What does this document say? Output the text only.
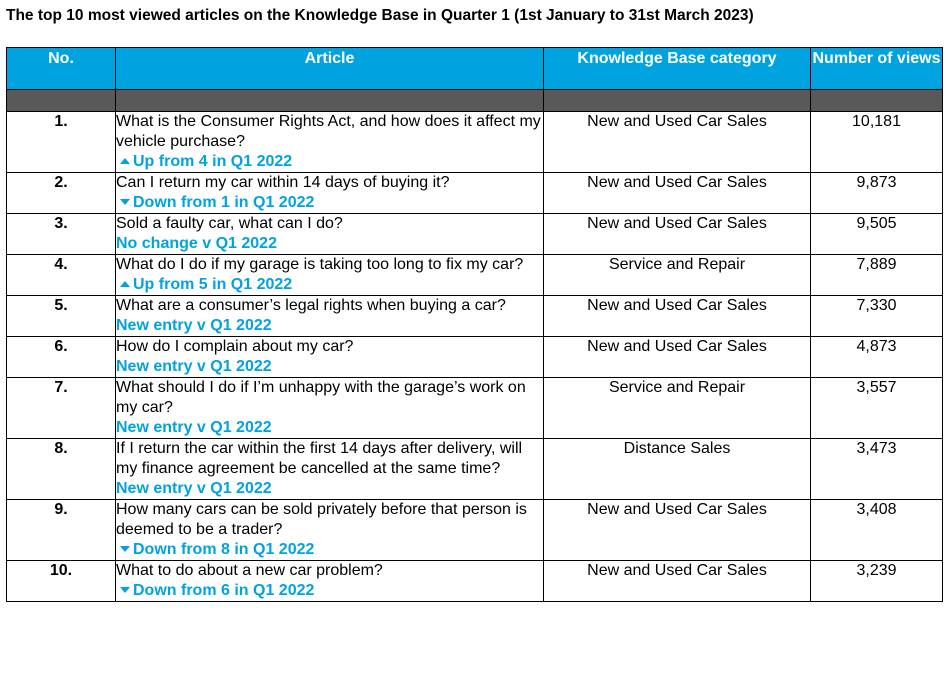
The top 10 most viewed articles on the Knowledge Base in Quarter 1 (1st January to 31st March 2023)
No.	Article	Knowledge Base category	Number of views

1.	What is the Consumer Rights Act, and how does it affect my vehicle purchase?
Up from 4 in Q1 2022	New and Used Car Sales	10,181
2.	Can I return my car within 14 days of buying it?
Down from 1 in Q1 2022	New and Used Car Sales	9,873
3.	Sold a faulty car, what can I do?
No change v Q1 2022	New and Used Car Sales	9,505
4.	What do I do if my garage is taking too long to fix my car?
Up from 5 in Q1 2022	Service and Repair	7,889
5.	What are a consumer’s legal rights when buying a car?
New entry v Q1 2022	New and Used Car Sales	7,330
6.	How do I complain about my car?
New entry v Q1 2022	New and Used Car Sales	4,873
7.	What should I do if I’m unhappy with the garage’s work on my car?
New entry v Q1 2022	Service and Repair	3,557
8.	If I return the car within the first 14 days after delivery, will my finance agreement be cancelled at the same time?
New entry v Q1 2022	Distance Sales	3,473
9.	How many cars can be sold privately before that person is deemed to be a trader?
Down from 8 in Q1 2022	New and Used Car Sales	3,408
10.	What to do about a new car problem?
Down from 6 in Q1 2022	New and Used Car Sales	3,239
